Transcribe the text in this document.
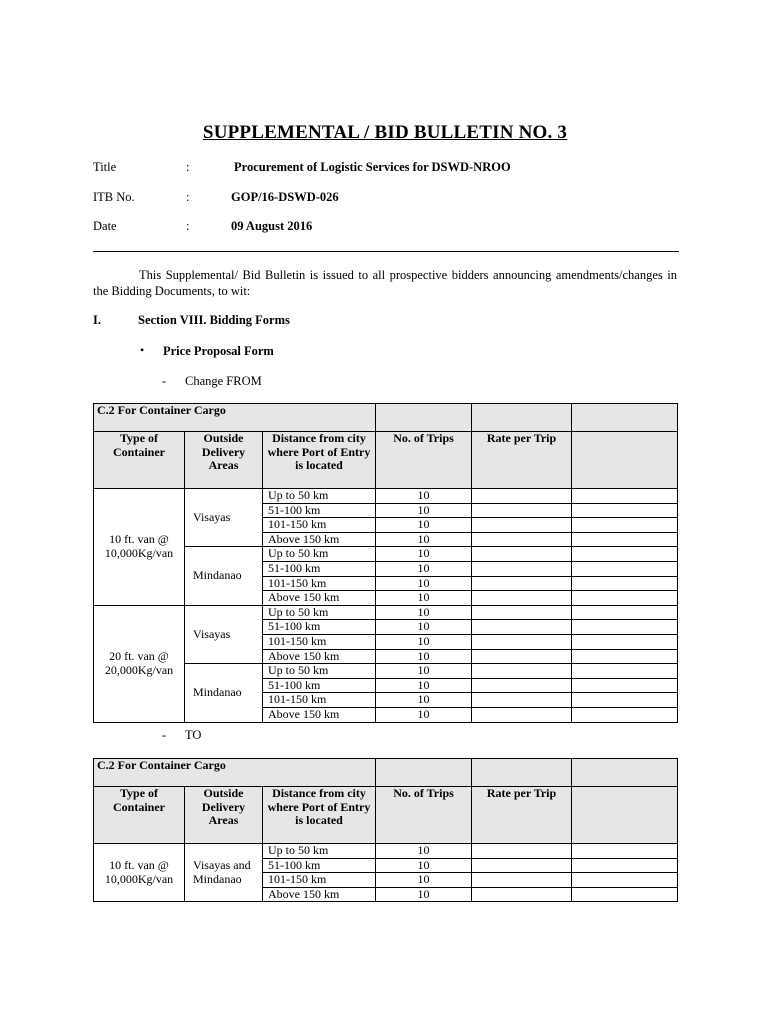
SUPPLEMENTAL / BID BULLETIN NO. 3
Title	:	Procurement of Logistic Services for DSWD-NROO
ITB No.	:	GOP/16-DSWD-026
Date	:	09 August 2016
This Supplemental/ Bid Bulletin is issued to all prospective bidders announcing amendments/changes in the Bidding Documents, to wit:
I.	Section VIII. Bidding Forms
• Price Proposal Form
- Change FROM
C.2 For Container Cargo					
Type of Container	Outside Delivery Areas	Distance from city where Port of Entry is located	No. of Trips	Rate per Trip	
10 ft. van @ 10,000Kg/van	Visayas	Up to 50 km	10		
		51-100 km	10		
		101-150 km	10		
		Above 150 km	10		
	Mindanao	Up to 50 km	10		
		51-100 km	10		
		101-150 km	10		
		Above 150 km	10		
20 ft. van @ 20,000Kg/van	Visayas	Up to 50 km	10		
		51-100 km	10		
		101-150 km	10		
		Above 150 km	10		
	Mindanao	Up to 50 km	10		
		51-100 km	10		
		101-150 km	10		
		Above 150 km	10		
- TO
C.2 For Container Cargo					
Type of Container	Outside Delivery Areas	Distance from city where Port of Entry is located	No. of Trips	Rate per Trip	
10 ft. van @ 10,000Kg/van	Visayas and Mindanao	Up to 50 km	10		
		51-100 km	10		
		101-150 km	10		
		Above 150 km	10		
